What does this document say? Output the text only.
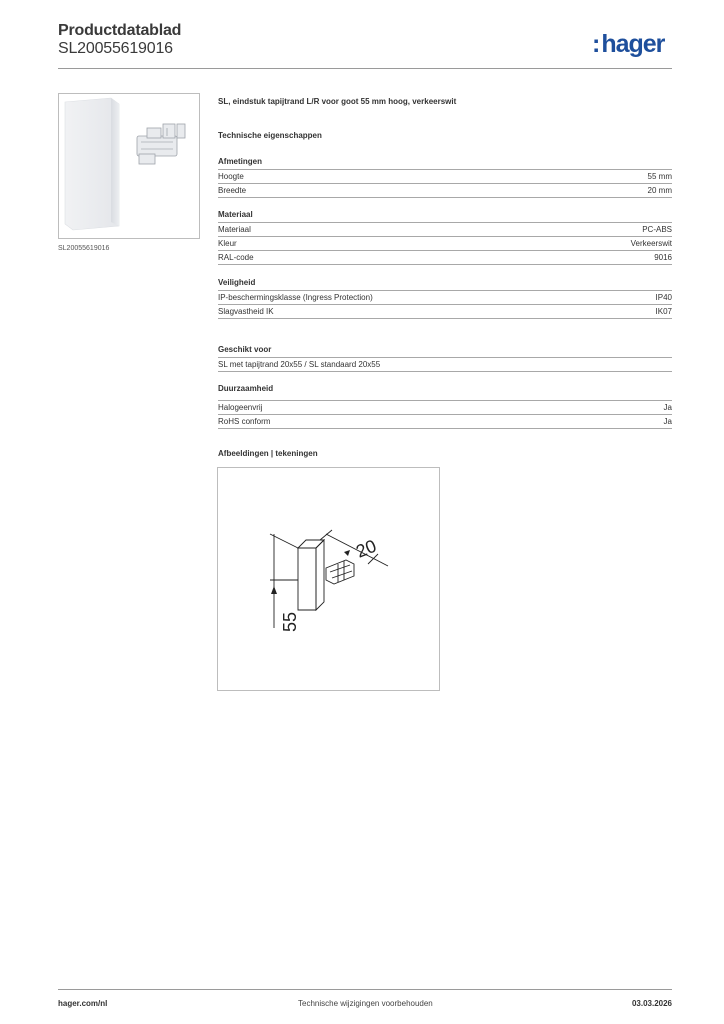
Productdatablad
SL20055619016	:hager
SL20055619016
SL, eindstuk tapijtrand L/R voor goot 55 mm hoog, verkeerswit
Technische eigenschappen
Afmetingen
Hoogte	55 mm
Breedte	20 mm
Materiaal
Materiaal	PC-ABS
Kleur	Verkeerswit
RAL-code	9016
Veiligheid
IP-beschermingsklasse (Ingress Protection)	IP40
Slagvastheid IK	IK07
Geschikt voor
SL met tapijtrand 20x55 / SL standaard 20x55
Duurzaamheid
Halogeenvrij	Ja
RoHS conform	Ja
Afbeeldingen | tekeningen
20
55
hager.com/nl	Technische wijzigingen voorbehouden	03.03.2026
